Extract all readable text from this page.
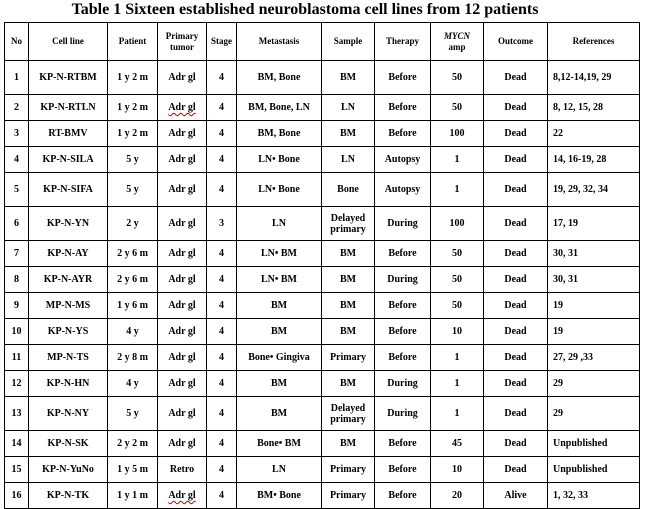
Table 1 Sixteen established neuroblastoma cell lines from 12 patients
No	Cell line	Patient	Primary
tumor	Stage	Metastasis	Sample	Therapy	MYCN
amp	Outcome	References
1	KP-N-RTBM	1 y 2 m	Adr gl	4	BM, Bone	BM	Before	50	Dead	8,12-14,19, 29
2	KP-N-RTLN	1 y 2 m	Adr gl	4	BM, Bone, LN	LN	Before	50	Dead	8, 12, 15, 28
3	RT-BMV	1 y 2 m	Adr gl	4	BM, Bone	BM	Before	100	Dead	22
4	KP-N-SILA	5 y	Adr gl	4	LN• Bone	LN	Autopsy	1	Dead	14, 16-19, 28
5	KP-N-SIFA	5 y	Adr gl	4	LN• Bone	Bone	Autopsy	1	Dead	19, 29, 32, 34
6	KP-N-YN	2 y	Adr gl	3	LN	Delayed
primary	During	100	Dead	17, 19
7	KP-N-AY	2 y 6 m	Adr gl	4	LN• BM	BM	Before	50	Dead	30, 31
8	KP-N-AYR	2 y 6 m	Adr gl	4	LN• BM	BM	During	50	Dead	30, 31
9	MP-N-MS	1 y 6 m	Adr gl	4	BM	BM	Before	50	Dead	19
10	KP-N-YS	4 y	Adr gl	4	BM	BM	Before	10	Dead	19
11	MP-N-TS	2 y 8 m	Adr gl	4	Bone• Gingiva	Primary	Before	1	Dead	27, 29 ,33
12	KP-N-HN	4 y	Adr gl	4	BM	BM	During	1	Dead	29
13	KP-N-NY	5 y	Adr gl	4	BM	Delayed
primary	During	1	Dead	29
14	KP-N-SK	2 y 2 m	Adr gl	4	Bone• BM	BM	Before	45	Dead	Unpublished
15	KP-N-YuNo	1 y 5 m	Retro	4	LN	Primary	Before	10	Dead	Unpublished
16	KP-N-TK	1 y 1 m	Adr gl	4	BM• Bone	Primary	Before	20	Alive	1, 32, 33
